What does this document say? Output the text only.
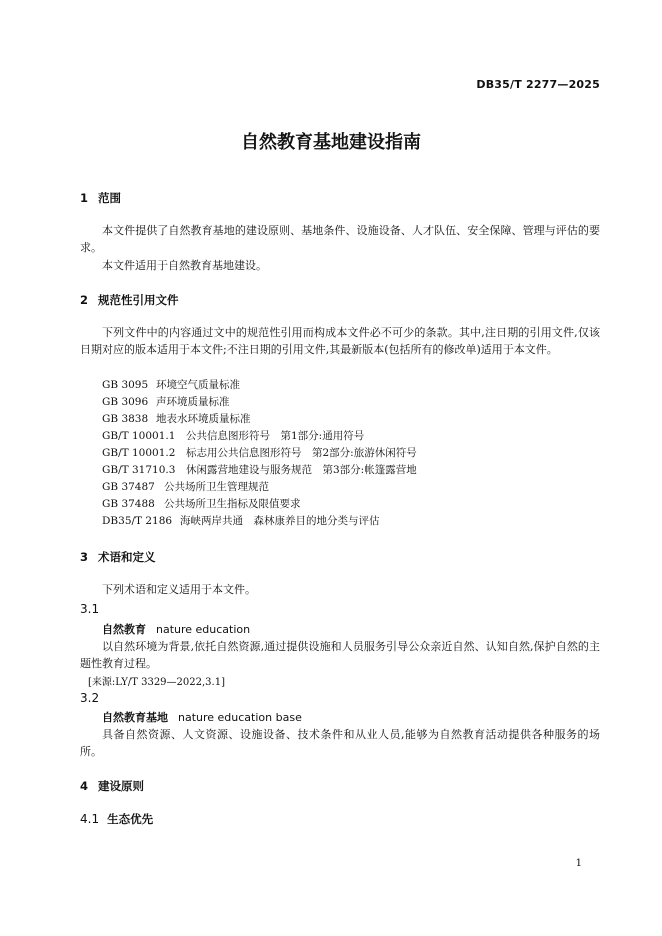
DB35/T 2277—2025
自然教育基地建设指南
1 范围
本文件提供了自然教育基地的建设原则、基地条件、设施设备、人才队伍、安全保障、管理与评估的要求。
本文件适用于自然教育基地建设。
2 规范性引用文件
下列文件中的内容通过文中的规范性引用而构成本文件必不可少的条款。其中,注日期的引用文件,仅该日期对应的版本适用于本文件;不注日期的引用文件,其最新版本(包括所有的修改单)适用于本文件。
GB 3095 环境空气质量标准
GB 3096 声环境质量标准
GB 3838 地表水环境质量标准
GB/T 10001.1 公共信息图形符号　第1部分:通用符号
GB/T 10001.2 标志用公共信息图形符号　第2部分:旅游休闲符号
GB/T 31710.3 休闲露营地建设与服务规范　第3部分:帐篷露营地
GB 37487 公共场所卫生管理规范
GB 37488 公共场所卫生指标及限值要求
DB35/T 2186 海峡两岸共通　森林康养目的地分类与评估
3 术语和定义
下列术语和定义适用于本文件。
3.1
自然教育 nature education
以自然环境为背景,依托自然资源,通过提供设施和人员服务引导公众亲近自然、认知自然,保护自然的主题性教育过程。
[来源:LY/T 3329—2022,3.1]
3.2
自然教育基地 nature education base
具备自然资源、人文资源、设施设备、技术条件和从业人员,能够为自然教育活动提供各种服务的场所。
4 建设原则
4.1 生态优先
1
